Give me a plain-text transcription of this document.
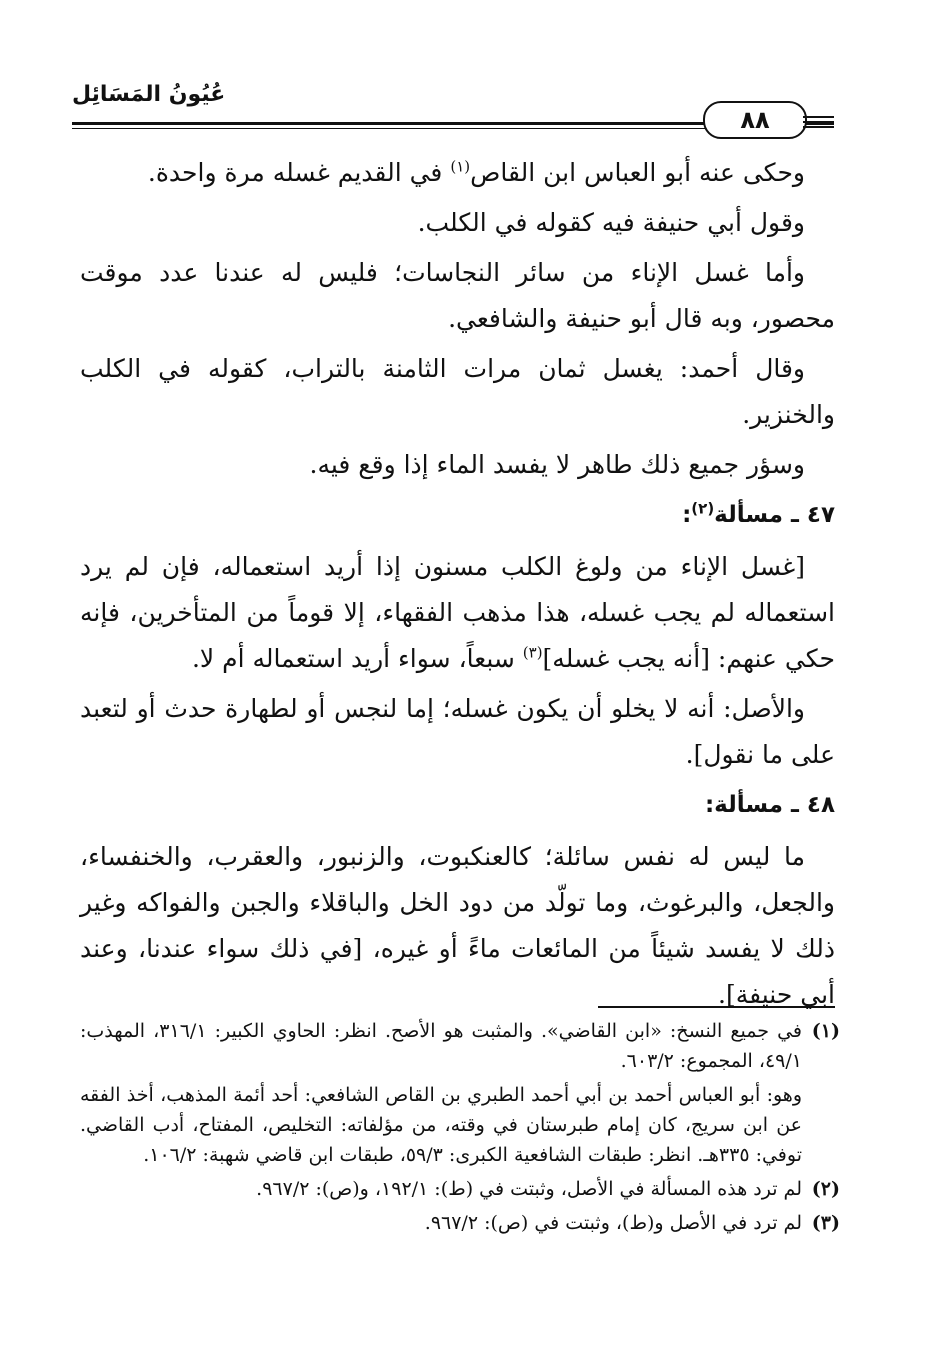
عُيُونُ المَسَائِل
٨٨

وحكى عنه أبو العباس ابن القاص$^{(١)}$ في القديم غسله مرة واحدة.

وقول أبي حنيفة فيه كقوله في الكلب.

وأما غسل الإناء من سائر النجاسات؛ فليس له عندنا عدد موقت محصور، وبه قال أبو حنيفة والشافعي.

وقال أحمد: يغسل ثمان مرات الثامنة بالتراب، كقوله في الكلب والخنزير.

وسؤر جميع ذلك طاهر لا يفسد الماء إذا وقع فيه.

٤٧ ـ مسألة$^{(٢)}$:

[غسل الإناء من ولوغ الكلب مسنون إذا أريد استعماله، فإن لم يرد استعماله لم يجب غسله، هذا مذهب الفقهاء، إلا قوماً من المتأخرين، فإنه حكي عنهم: [أنه يجب غسله]$^{(٣)}$ سبعاً، سواء أريد استعماله أم لا.

والأصل: أنه لا يخلو أن يكون غسله؛ إما لنجس أو لطهارة حدث أو لتعبد على ما نقول].

٤٨ ـ مسألة:

ما ليس له نفس سائلة؛ كالعنكبوت، والزنبور، والعقرب، والخنفساء، والجعل، والبرغوث، وما تولّد من دود الخل والباقلاء والجبن والفواكه وغير ذلك لا يفسد شيئاً من المائعات ماءً أو غيره، [في ذلك سواء عندنا، وعند أبي حنيفة].

(١)
في جميع النسخ: «ابن القاضي». والمثبت هو الأصح. انظر: الحاوي الكبير: ٣١٦/١، المهذب: ٤٩/١، المجموع: ٦٠٣/٢.

وهو: أبو العباس أحمد بن أبي أحمد الطبري بن القاص الشافعي: أحد أئمة المذهب، أخذ الفقه عن ابن سريج، كان إمام طبرستان في وقته، من مؤلفاته: التخليص، المفتاح، أدب القاضي. توفي: ٣٣٥هـ. انظر: طبقات الشافعية الكبرى: ٥٩/٣، طبقات ابن قاضي شهبة: ١٠٦/٢.

(٢)
لم ترد هذه المسألة في الأصل، وثبتت في (ط): ١٩٢/١، و(ص): ٩٦٧/٢.
(٣)
لم ترد في الأصل و(ط)، وثبتت في (ص): ٩٦٧/٢.
